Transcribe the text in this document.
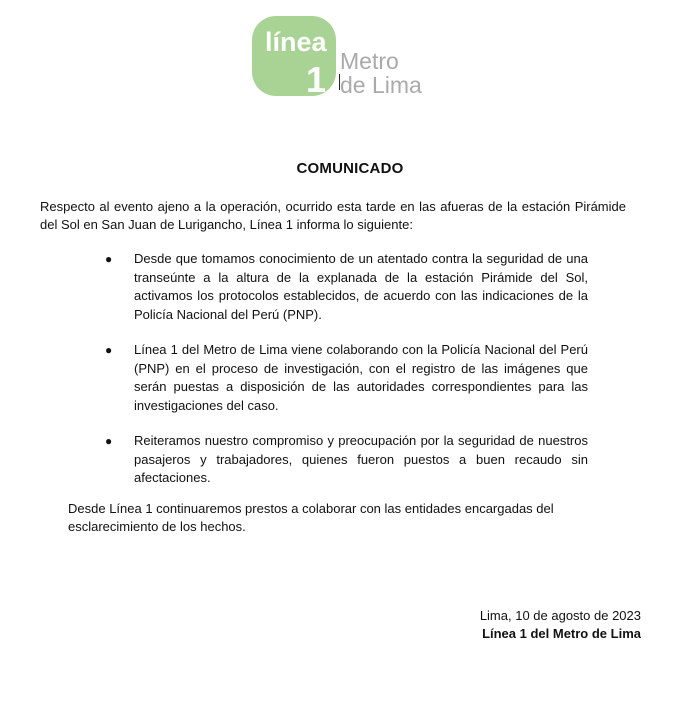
línea
1 Metro
de Lima
COMUNICADO
Respecto al evento ajeno a la operación, ocurrido esta tarde en las afueras de la estación Pirámide del Sol en San Juan de Lurigancho, Línea 1 informa lo siguiente:
● Desde que tomamos conocimiento de un atentado contra la seguridad de una transeúnte a la altura de la explanada de la estación Pirámide del Sol, activamos los protocolos establecidos, de acuerdo con las indicaciones de la Policía Nacional del Perú (PNP).
● Línea 1 del Metro de Lima viene colaborando con la Policía Nacional del Perú (PNP) en el proceso de investigación, con el registro de las imágenes que serán puestas a disposición de las autoridades correspondientes para las investigaciones del caso.
● Reiteramos nuestro compromiso y preocupación por la seguridad de nuestros pasajeros y trabajadores, quienes fueron puestos a buen recaudo sin afectaciones.
Desde Línea 1 continuaremos prestos a colaborar con las entidades encargadas del esclarecimiento de los hechos.
Lima, 10 de agosto de 2023
Línea 1 del Metro de Lima
